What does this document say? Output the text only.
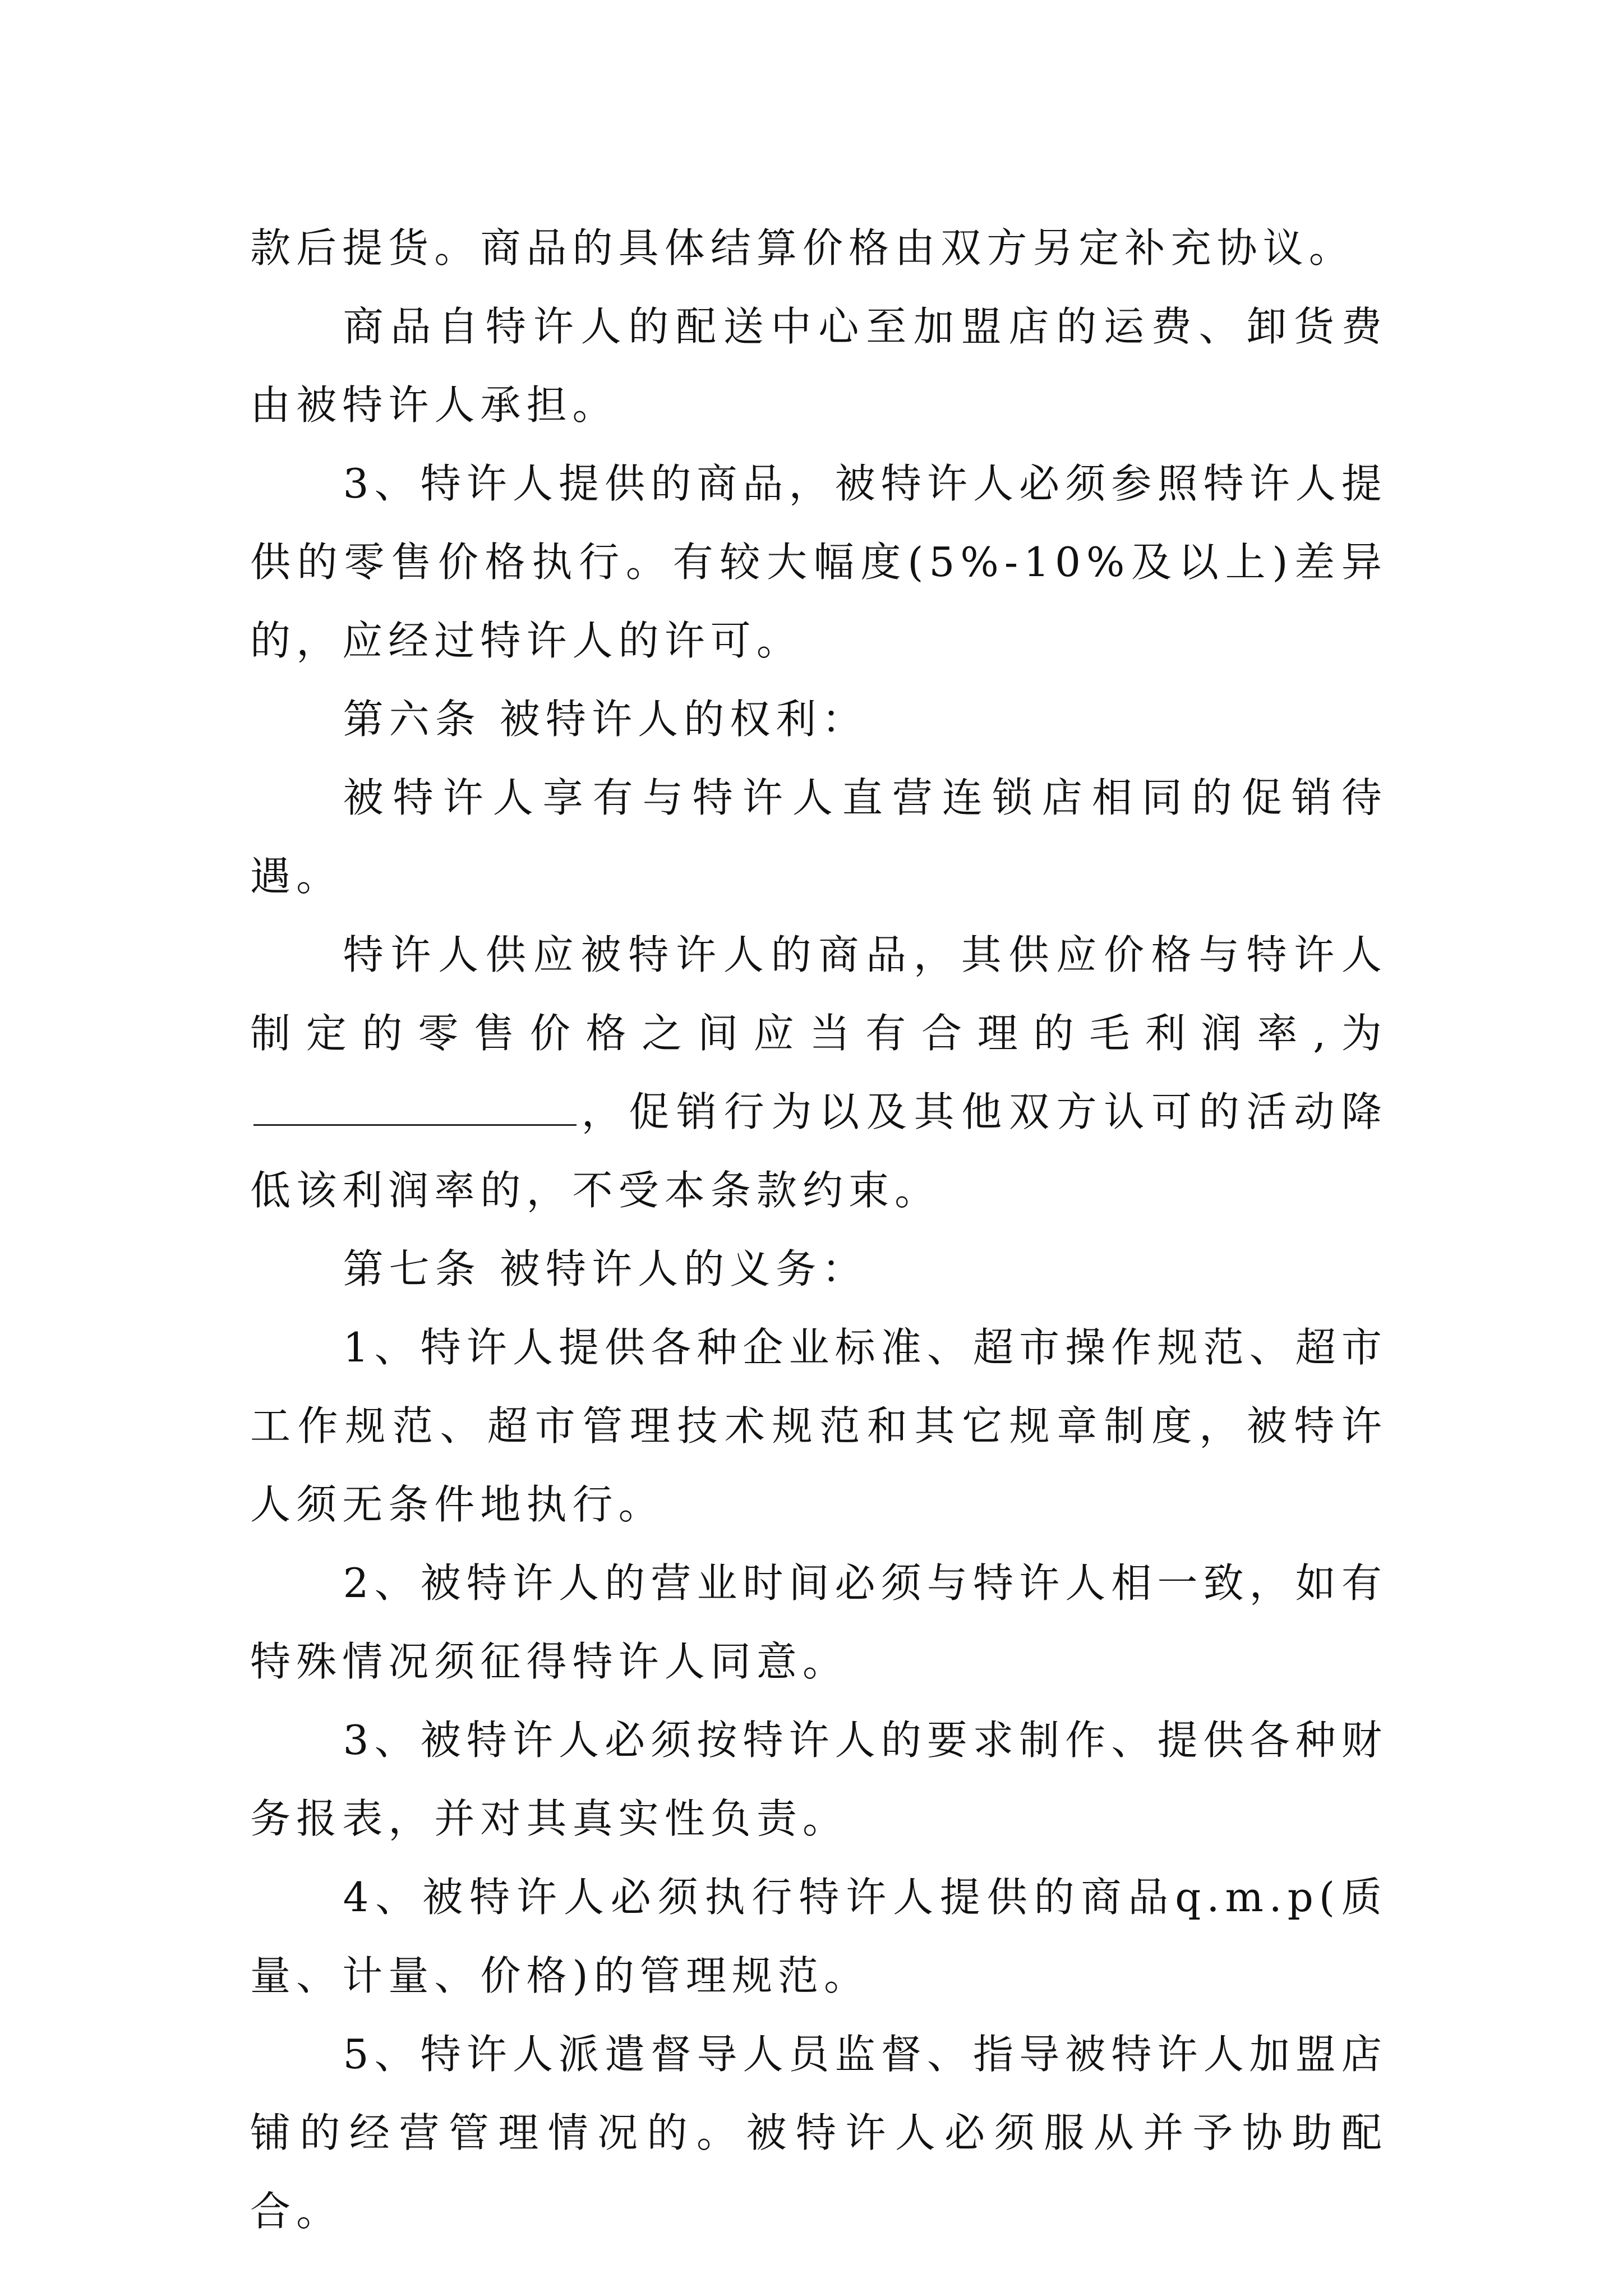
款后提货。商品的具体结算价格由双方另定补充协议。

商品自特许人的配送中心至加盟店的运费、卸货费由被特许人承担。

3、特许人提供的商品，被特许人必须参照特许人提供的零售价格执行。有较大幅度(5%-10%及以上)差异的，应经过特许人的许可。

第六条 被特许人的权利：

被特许人享有与特许人直营连锁店相同的促销待遇。

特许人供应被特许人的商品，其供应价格与特许人制定的零售价格之间应当有合理的毛利润率,为，促销行为以及其他双方认可的活动降低该利润率的，不受本条款约束。

第七条 被特许人的义务：

1、特许人提供各种企业标准、超市操作规范、超市工作规范、超市管理技术规范和其它规章制度，被特许人须无条件地执行。

2、被特许人的营业时间必须与特许人相一致，如有特殊情况须征得特许人同意。

3、被特许人必须按特许人的要求制作、提供各种财务报表，并对其真实性负责。

4、被特许人必须执行特许人提供的商品q.m.p(质量、计量、价格)的管理规范。

5、特许人派遣督导人员监督、指导被特许人加盟店铺的经营管理情况的。被特许人必须服从并予协助配合。
